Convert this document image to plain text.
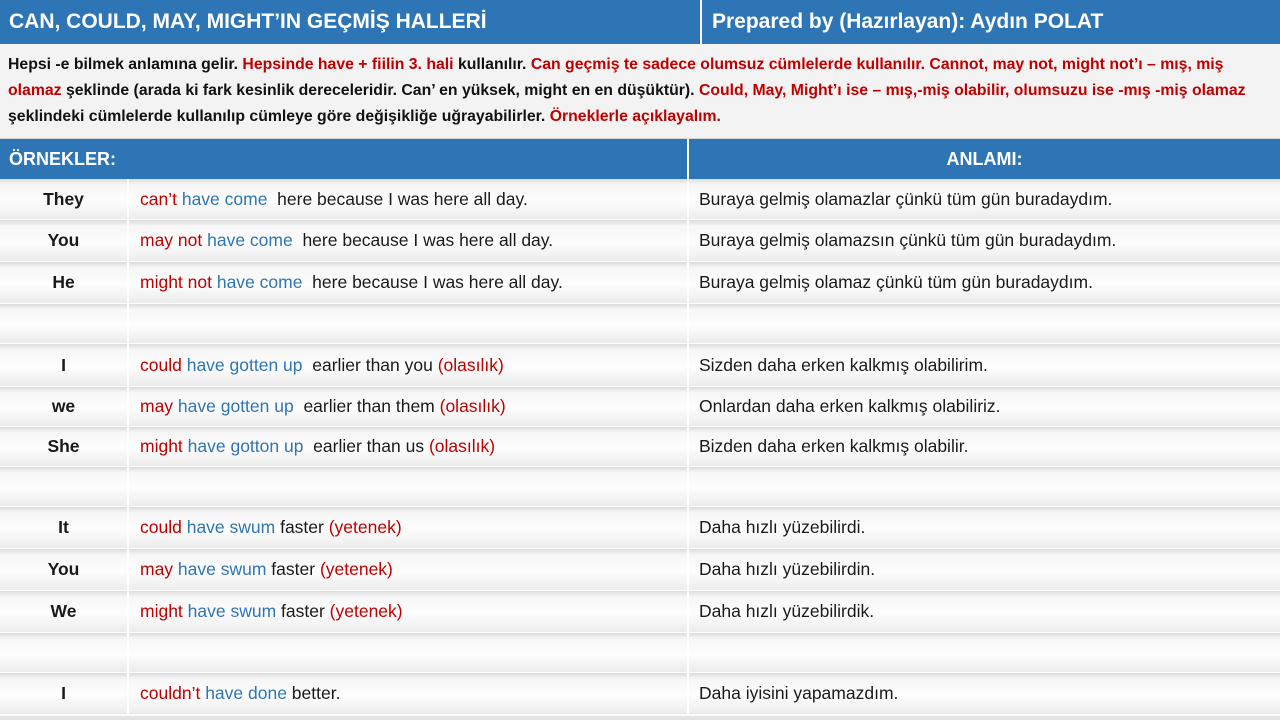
CAN, COULD, MAY, MIGHT’IN GEÇMİŞ HALLERİ	Prepared by (Hazırlayan): Aydın POLAT
Hepsi -e bilmek anlamına gelir. Hepsinde have + fiilin 3. hali kullanılır. Can geçmiş te sadece olumsuz cümlelerde kullanılır. Cannot, may not, might not’ı – mış, miş olamaz şeklinde (arada ki fark kesinlik dereceleridir. Can’ en yüksek, might en en düşüktür). Could, May, Might’ı ise – mış,-miş olabilir, olumsuzu ise -mış -miş olamaz şeklindeki cümlelerde kullanılıp cümleye göre değişikliğe uğrayabilirler. Örneklerle açıklayalım.
ÖRNEKLER:	ANLAMI:
They	can’t have come here because I was here all day.	Buraya gelmiş olamazlar çünkü tüm gün buradaydım.
You	may not have come here because I was here all day.	Buraya gelmiş olamazsın çünkü tüm gün buradaydım.
He	might not have come here because I was here all day.	Buraya gelmiş olamaz çünkü tüm gün buradaydım.
I	could have gotten up earlier than you (olasılık)	Sizden daha erken kalkmış olabilirim.
we	may have gotten up earlier than them (olasılık)	Onlardan daha erken kalkmış olabiliriz.
She	might have gotton up earlier than us (olasılık)	Bizden daha erken kalkmış olabilir.
It	could have swum faster (yetenek)	Daha hızlı yüzebilirdi.
You	may have swum faster (yetenek)	Daha hızlı yüzebilirdin.
We	might have swum faster (yetenek)	Daha hızlı yüzebilirdik.
I	couldn’t have done better.	Daha iyisini yapamazdım.
